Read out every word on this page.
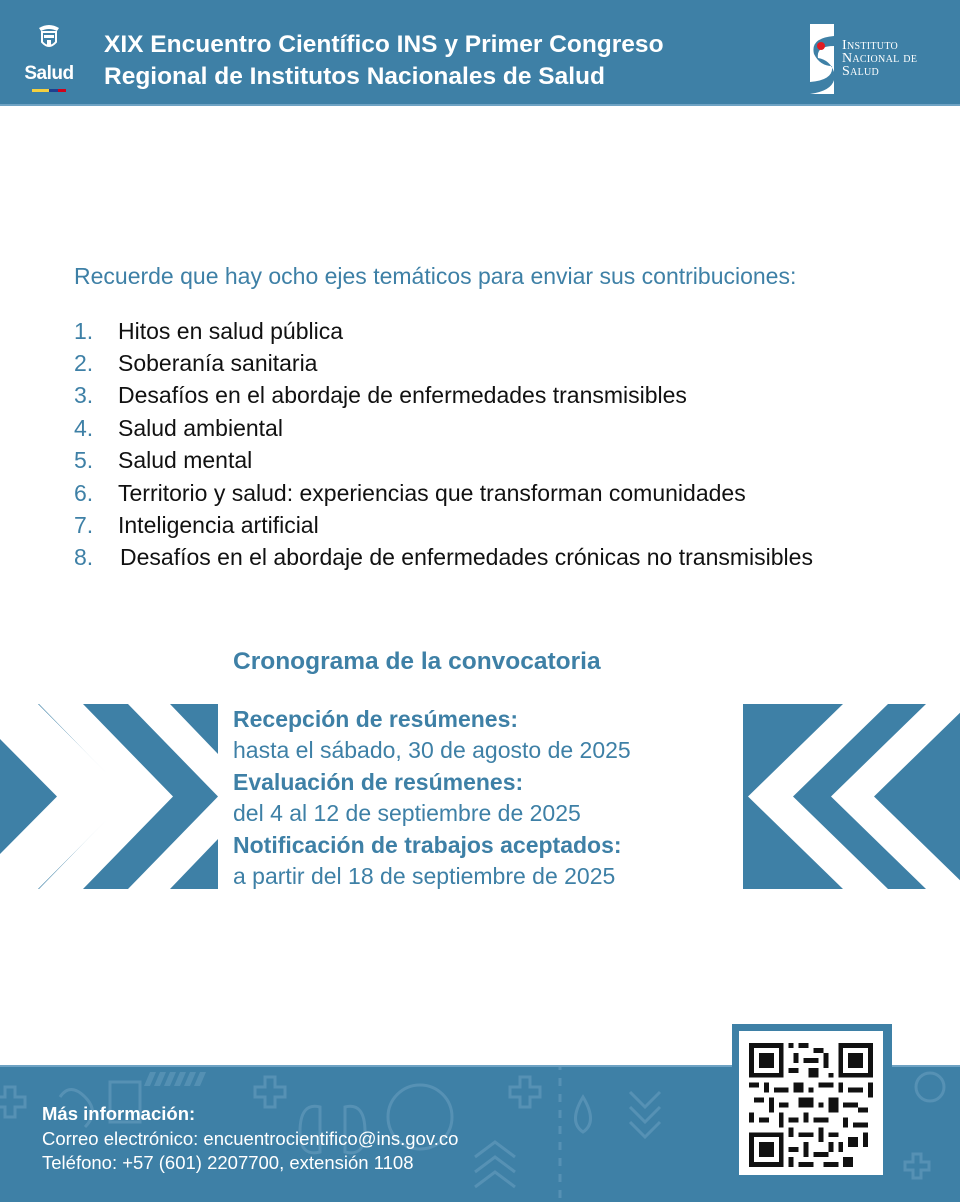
Salud
XIX Encuentro Científico INS y Primer Congreso
Regional de Institutos Nacionales de Salud
Instituto
Nacional de
Salud
Recuerde que hay ocho ejes temáticos para enviar sus contribuciones:
1.	Hitos en salud pública
2.	Soberanía sanitaria
3.	Desafíos en el abordaje de enfermedades transmisibles
4.	Salud ambiental
5.	Salud mental
6.	Territorio y salud: experiencias que transforman comunidades
7.	Inteligencia artificial
8.	Desafíos en el abordaje de enfermedades crónicas no transmisibles
Cronograma de la convocatoria
Recepción de resúmenes:
hasta el sábado, 30 de agosto de 2025
Evaluación de resúmenes:
del 4 al 12 de septiembre de 2025
Notificación de trabajos aceptados:
a partir del 18 de septiembre de 2025
Más información:
Correo electrónico: encuentrocientifico@ins.gov.co
Teléfono: +57 (601) 2207700, extensión 1108
